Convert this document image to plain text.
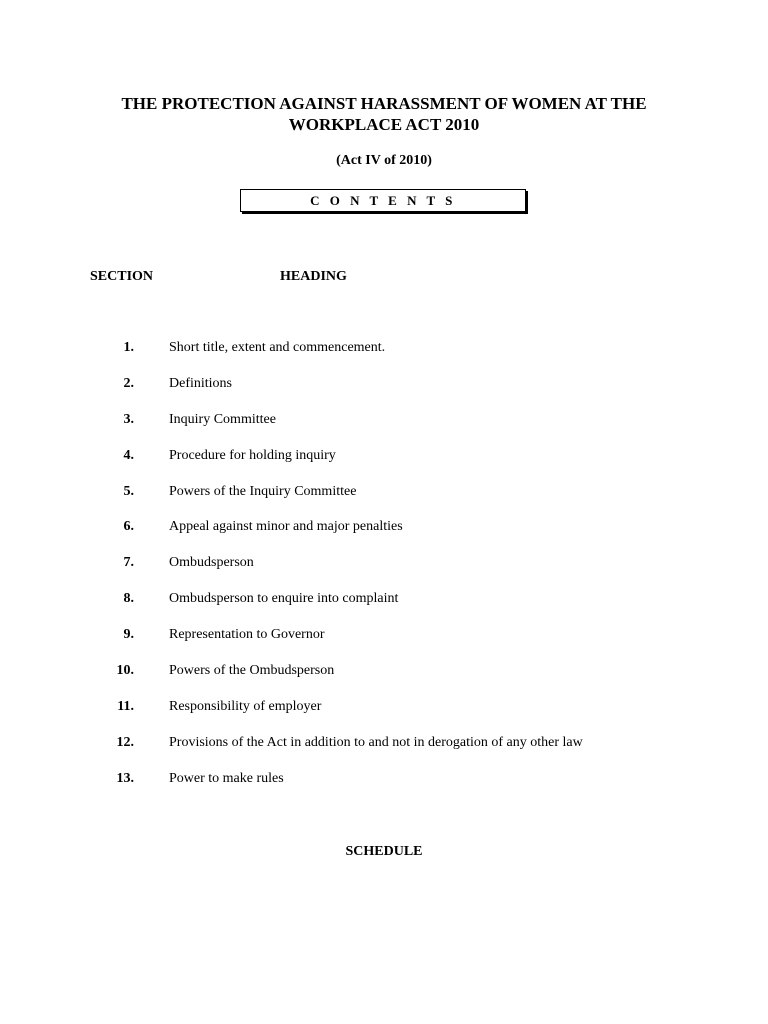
THE PROTECTION AGAINST HARASSMENT OF WOMEN AT THE
WORKPLACE ACT 2010
(Act IV of 2010)
C O N T E N T S
SECTION	HEADING
1.	Short title, extent and commencement.
2.	Definitions
3.	Inquiry Committee
4.	Procedure for holding inquiry
5.	Powers of the Inquiry Committee
6.	Appeal against minor and major penalties
7.	Ombudsperson
8.	Ombudsperson to enquire into complaint
9.	Representation to Governor
10.	Powers of the Ombudsperson
11.	Responsibility of employer
12.	Provisions of the Act in addition to and not in derogation of any other law
13.	Power to make rules
SCHEDULE
